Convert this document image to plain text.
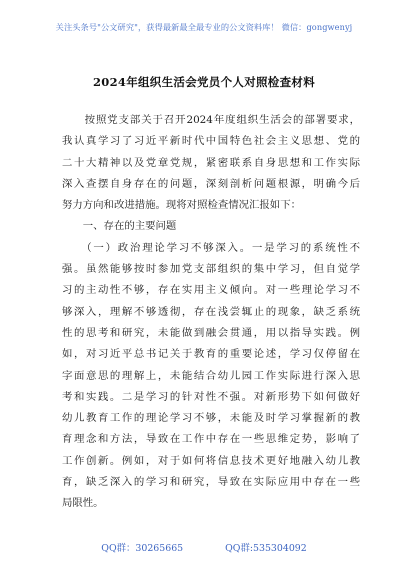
关注头条号"公文研究"，获得最新最全最专业的公文资料库！ 微信：gongwenyj
2024年组织生活会党员个人对照检查材料
　　按照党支部关于召开2024年度组织生活会的部署要求，
我认真学习了习近平新时代中国特色社会主义思想、党的
二十大精神以及党章党规，紧密联系自身思想和工作实际
深入查摆自身存在的问题，深刻剖析问题根源，明确今后
努力方向和改进措施。现将对照检查情况汇报如下：
　　一、存在的主要问题
　　（一）政治理论学习不够深入。一是学习的系统性不
强。虽然能够按时参加党支部组织的集中学习，但自觉学
习的主动性不够，存在实用主义倾向。对一些理论学习不
够深入，理解不够透彻，存在浅尝辄止的现象，缺乏系统
性的思考和研究，未能做到融会贯通，用以指导实践。例
如，对习近平总书记关于教育的重要论述，学习仅停留在
字面意思的理解上，未能结合幼儿园工作实际进行深入思
考和实践。二是学习的针对性不强。对新形势下如何做好
幼儿教育工作的理论学习不够，未能及时学习掌握新的教
育理念和方法，导致在工作中存在一些思维定势，影响了
工作创新。例如，对于如何将信息技术更好地融入幼儿教
育，缺乏深入的学习和研究，导致在实际应用中存在一些
局限性。
QQ群：30265665	QQ群:535304092
